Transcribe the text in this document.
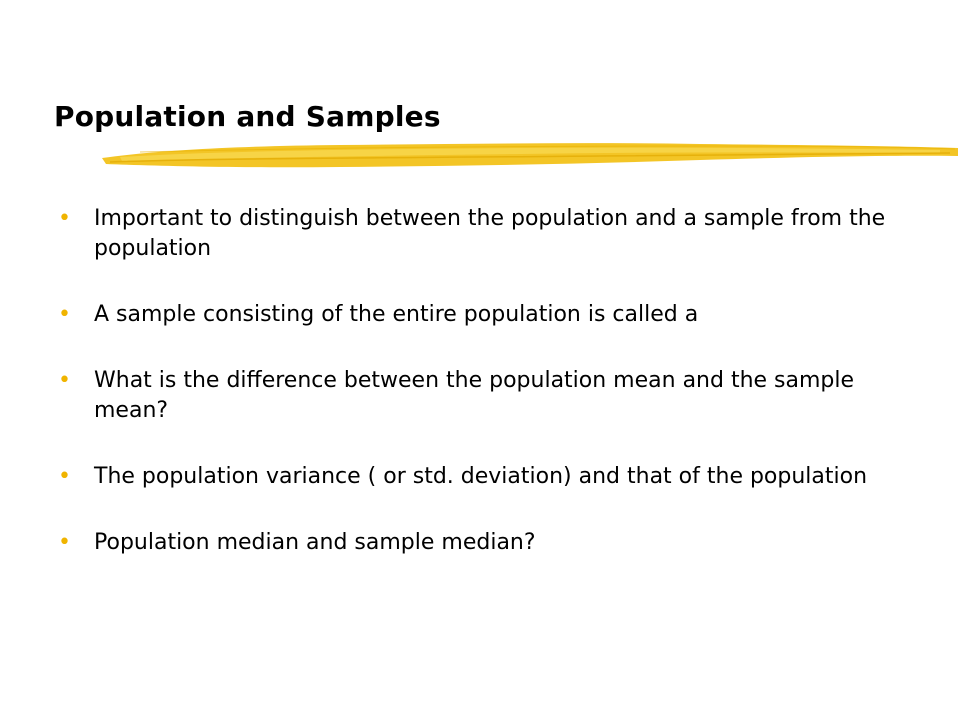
Population and Samples
• Important to distinguish between the population and a sample from the population
• A sample consisting of the entire population is called a
• What is the difference between the population mean and the sample mean?
• The population variance ( or std. deviation) and that of the population
• Population median and sample median?
